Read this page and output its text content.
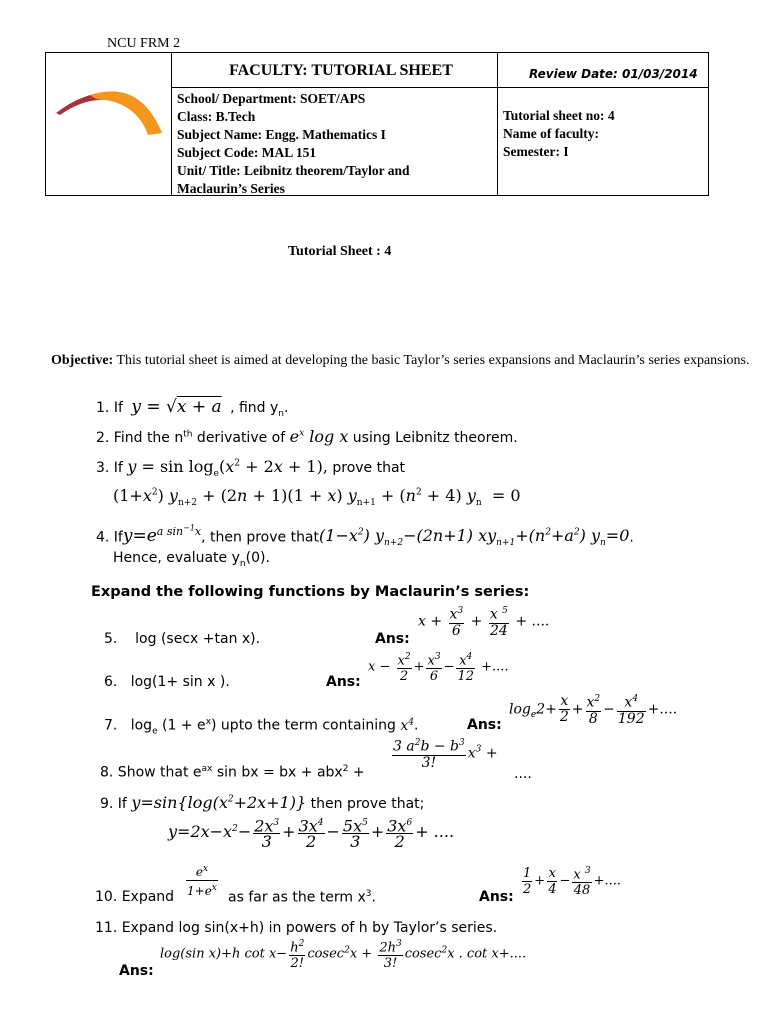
NCU FRM 2
FACULTY: TUTORIAL SHEET	Review Date: 01/03/2014
School/ Department: SOET/APS
Class: B.Tech
Subject Name: Engg. Mathematics I
Subject Code: MAL 151
Unit/ Title: Leibnitz theorem/Taylor and
Maclaurin’s Series
Tutorial sheet no: 4
Name of faculty:
Semester: I
Tutorial Sheet : 4
Objective: This tutorial sheet is aimed at developing the basic Taylor’s series expansions and Maclaurin’s series expansions.
1. If y = √x + a , find $y_n$.
2. Find the $n^{th}$ derivative of $e^x$ log x using Leibnitz theorem.
3. If $y = \sin \log_e(x^2 + 2x + 1)$, prove that
$(1+x^2) y_{n+2} + (2n + 1)(1 + x) y_{n+1} + (n^2 + 4) y_n = 0$
4. $Ify=e^{a sin^{-1}x}$, then prove $that(1-x^2)$ $y_{n+2}-(2n+1)$ $xy_{n+1}+(n^2+a^2)$ $y_n=0$.
Hence, evaluate $y_n(0)$.
Expand the following functions by Maclaurin’s series:
5. log (secx +tan x).	Ans:
$x + \frac{x^3}{6} + \frac{x ^5}{24}$ + ....
6. log(1+ sin x ).	Ans:
$x - \frac{x^2}{2} + \frac{x^3}{6} - \frac{x^4}{12}$ +....
7. $\log_e (1 + e^x)$ upto the term containing $x^4$.	Ans:
$\log_e2+ \frac{x}{2} + \frac{x^2}{8} - \frac{x^4}{192}$ +....
8. Show that $e^{ax}$ sin bx = bx + abx$^2$ +
$\frac{3 a^2b - b^3}{3!} x^3$ +
....
9. If $y=\sin\{\log(x^2+2x+1)\}$ then prove that;
$y=2x-x^2- \frac{2x^3}{3} + \frac{3x^4}{2} - \frac{5x^5}{3} + \frac{3x^6}{2}$ + ....
10. Expand $\frac{e^x}{1+e^x}$ as far as the term $x^3$.	Ans:
$\frac{1}{2} + \frac{x}{4} - \frac{x ^3}{48}$ +....
11. Expand log sin(x+h) in powers of h by Taylor’s series.
Ans:
log(sin x)+h $\cot x- \frac{h^2}{2!} cosec^2x + \frac{2h^3}{3!} cosec^2x$ . cot x+....
